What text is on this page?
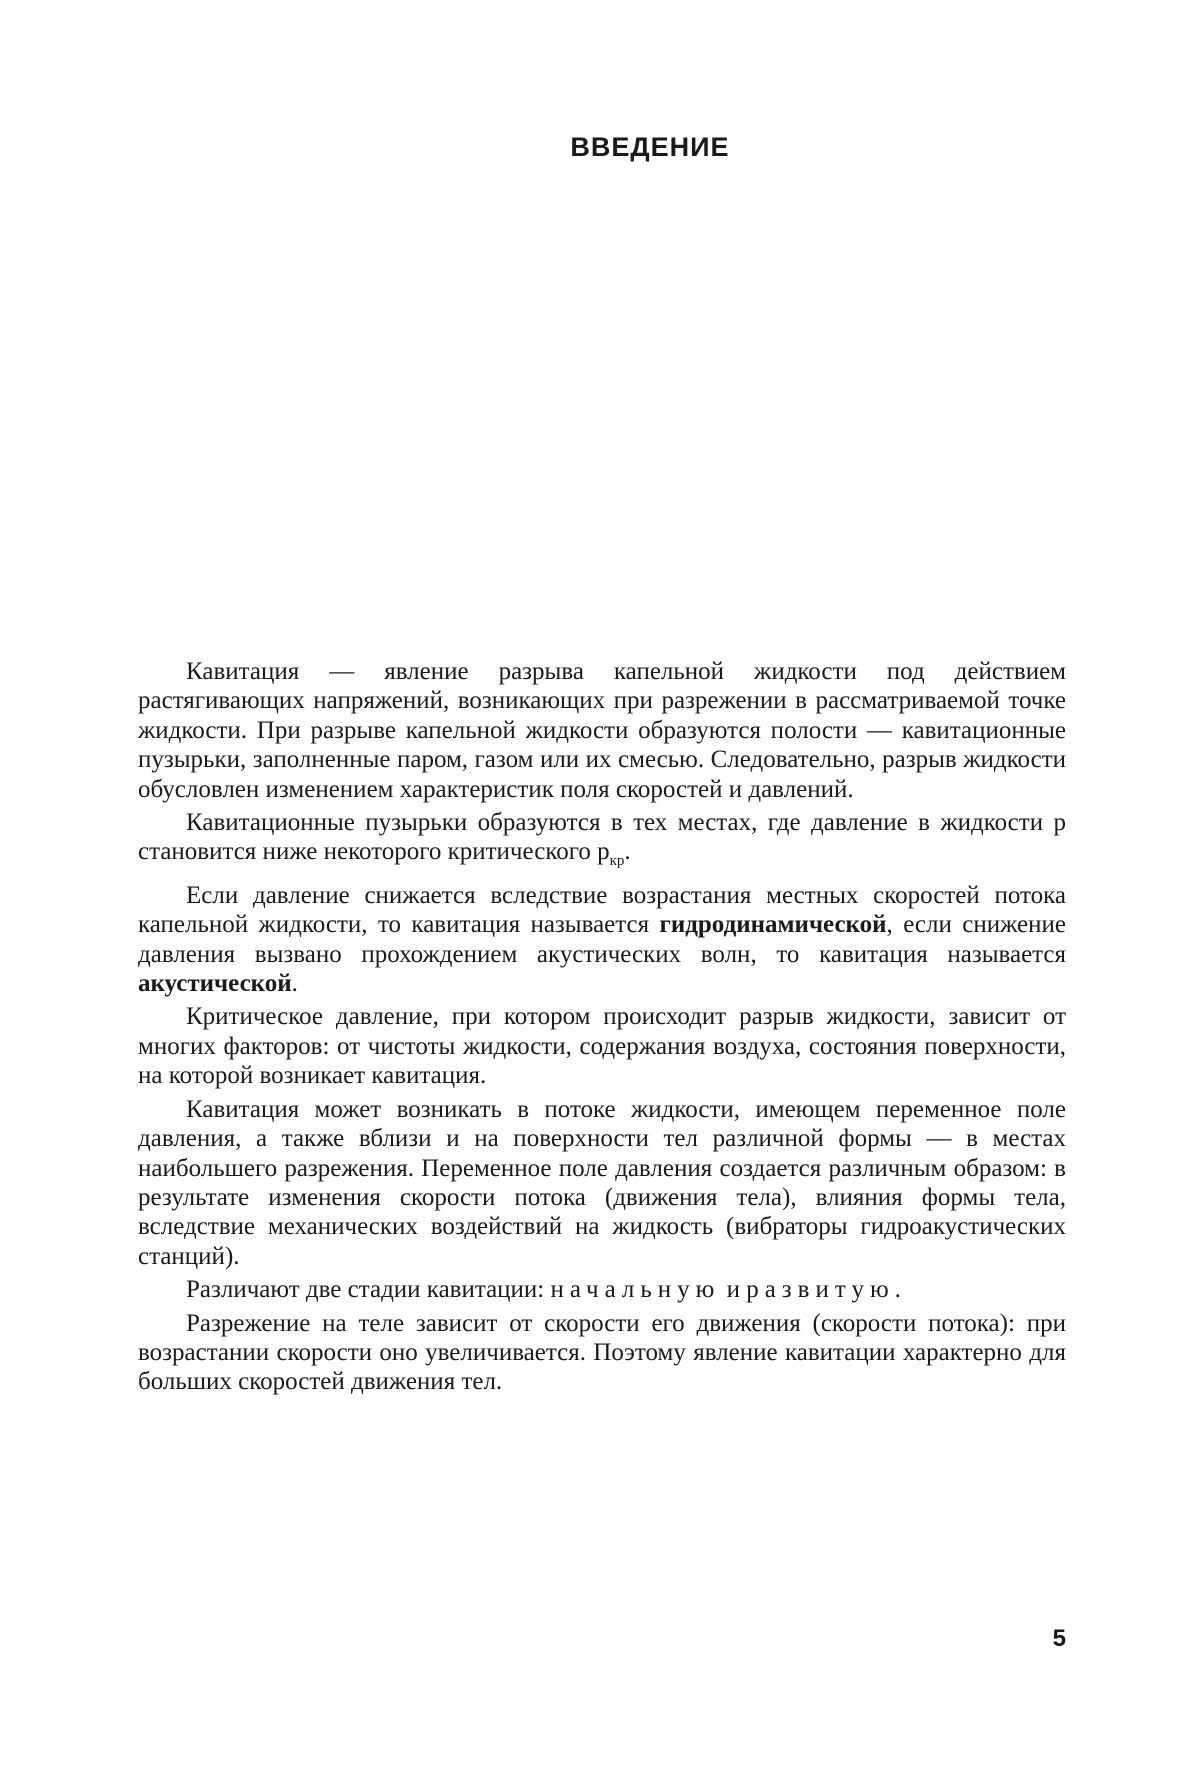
ВВЕДЕНИЕ

Кавитация — явление разрыва капельной жидкости под действием растягивающих напряжений, возникающих при разрежении в рассматриваемой точке жидкости. При разрыве капельной жидкости образуются полости — кавитационные пузырьки, заполненные паром, газом или их смесью. Следовательно, разрыв жидкости обусловлен изменением характеристик поля скоростей и давлений.

Кавитационные пузырьки образуются в тех местах, где давление в жидкости p становится ниже некоторого критического $p_{кр}$.

Если давление снижается вследствие возрастания местных скоростей потока капельной жидкости, то кавитация называется гидродинамической, если снижение давления вызвано прохождением акустических волн, то кавитация называется акустической.

Критическое давление, при котором происходит разрыв жидкости, зависит от многих факторов: от чистоты жидкости, содержания воздуха, состояния поверхности, на которой возникает кавитация.

Кавитация может возникать в потоке жидкости, имеющем переменное поле давления, а также вблизи и на поверхности тел различной формы — в местах наибольшего разрежения. Переменное поле давления создается различным образом: в результате изменения скорости потока (движения тела), влияния формы тела, вследствие механических воздействий на жидкость (вибраторы гидроакустических станций).

Различают две стадии кавитации: начальную и развитую.

Разрежение на теле зависит от скорости его движения (скорости потока): при возрастании скорости оно увеличивается. Поэтому явление кавитации характерно для больших скоростей движения тел.

5
